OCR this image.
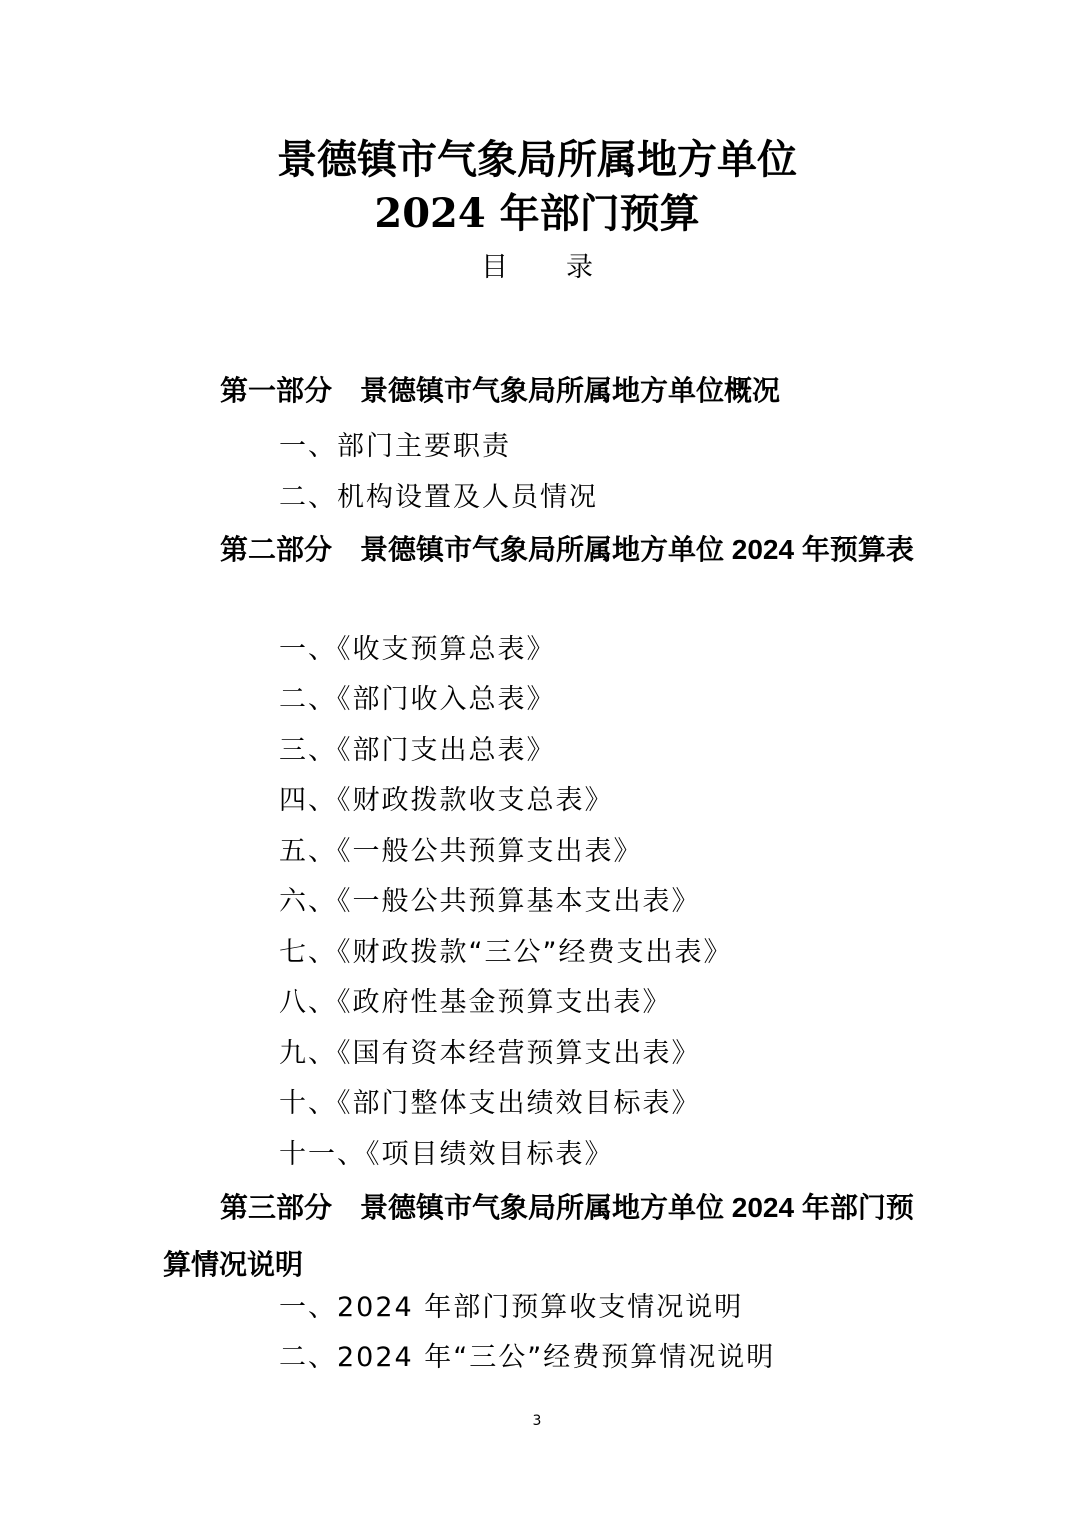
景德镇市气象局所属地方单位
2024 年部门预算
目录

第一部分　景德镇市气象局所属地方单位概况

一、部门主要职责
二、机构设置及人员情况

第二部分　景德镇市气象局所属地方单位 2024 年预算表

一、《收支预算总表》
二、《部门收入总表》
三、《部门支出总表》
四、《财政拨款收支总表》
五、《一般公共预算支出表》
六、《一般公共预算基本支出表》
七、《财政拨款“三公”经费支出表》
八、《政府性基金预算支出表》
九、《国有资本经营预算支出表》
十、《部门整体支出绩效目标表》
十一、《项目绩效目标表》

第三部分　景德镇市气象局所属地方单位 2024 年部门预算情况说明

一、2024 年部门预算收支情况说明
二、2024 年“三公”经费预算情况说明
3
